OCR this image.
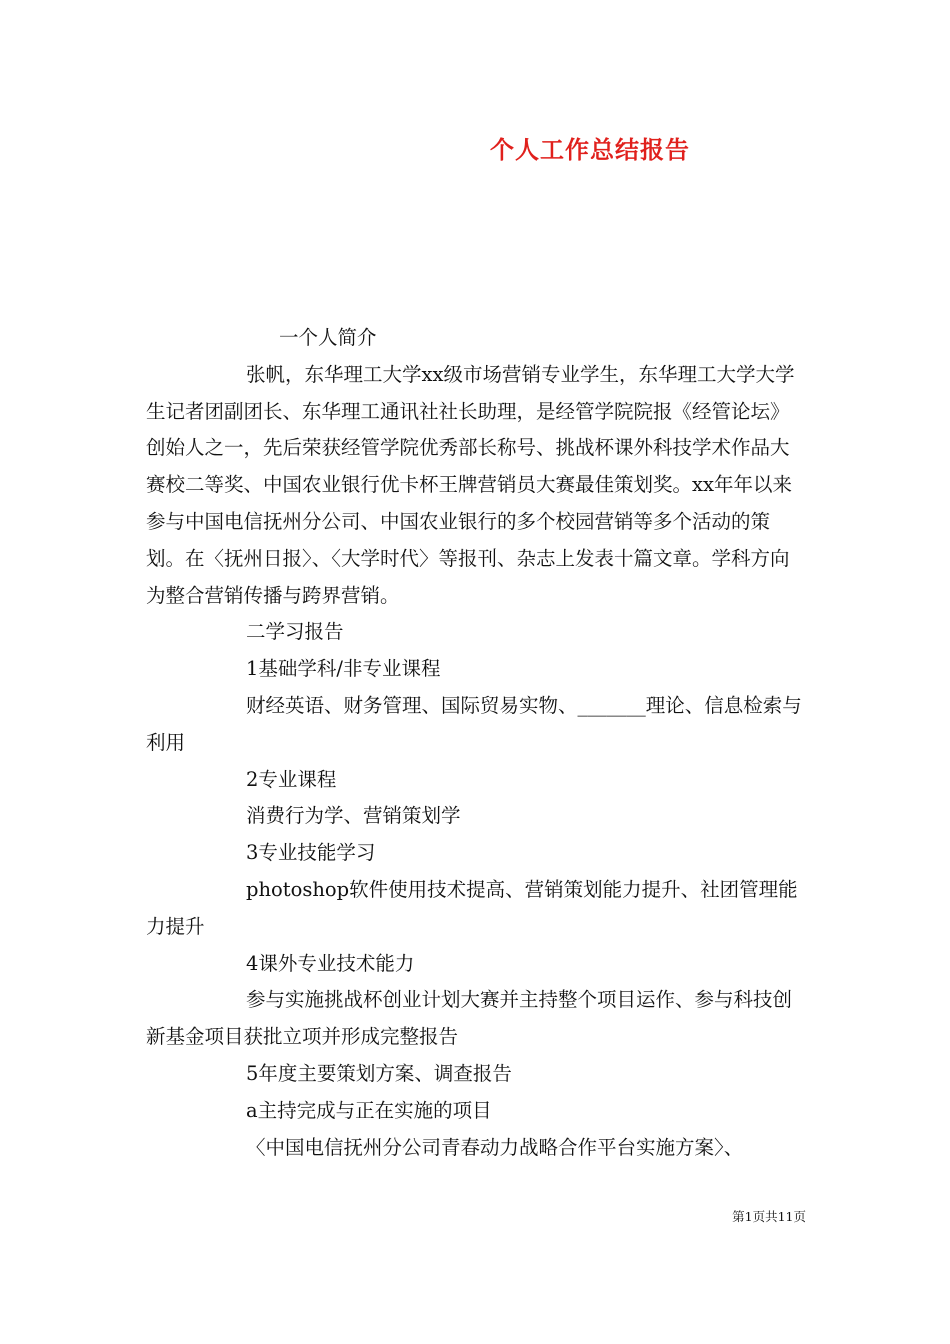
个人工作总结报告

一个人简介

张帆，东华理工大学xx级市场营销专业学生，东华理工大学大学生记者团副团长、东华理工通讯社社长助理，是经管学院院报《经管论坛》创始人之一，先后荣获经管学院优秀部长称号、挑战杯课外科技学术作品大赛校二等奖、中国农业银行优卡杯王牌营销员大赛最佳策划奖。xx年年以来参与中国电信抚州分公司、中国农业银行的多个校园营销等多个活动的策划。在〈抚州日报〉、〈大学时代〉等报刊、杂志上发表十篇文章。学科方向为整合营销传播与跨界营销。

二学习报告

1基础学科/非专业课程

财经英语、财务管理、国际贸易实物、_______理论、信息检索与利用

2专业课程

消费行为学、营销策划学

3专业技能学习

photoshop软件使用技术提高、营销策划能力提升、社团管理能力提升

4课外专业技术能力

参与实施挑战杯创业计划大赛并主持整个项目运作、参与科技创新基金项目获批立项并形成完整报告

5年度主要策划方案、调查报告

a主持完成与正在实施的项目

〈中国电信抚州分公司青春动力战略合作平台实施方案〉、

第1页共11页
